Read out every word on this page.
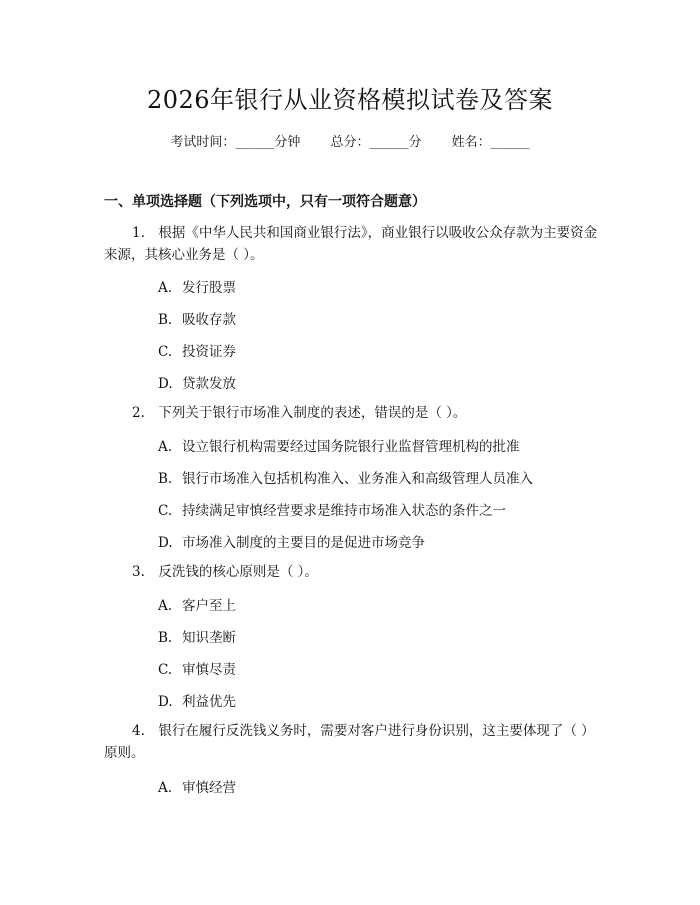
2026年银行从业资格模拟试卷及答案
考试时间：______分钟 总分：______分 姓名：______
一、单项选择题（下列选项中，只有一项符合题意）
1.　根据《中华人民共和国商业银行法》，商业银行以吸收公众存款为主要资金来源，其核心业务是（ ）。
A. 发行股票
B. 吸收存款
C. 投资证券
D. 贷款发放
2.　下列关于银行市场准入制度的表述，错误的是（ ）。
A. 设立银行机构需要经过国务院银行业监督管理机构的批准
B. 银行市场准入包括机构准入、业务准入和高级管理人员准入
C. 持续满足审慎经营要求是维持市场准入状态的条件之一
D. 市场准入制度的主要目的是促进市场竞争
3.　反洗钱的核心原则是（ ）。
A. 客户至上
B. 知识垄断
C. 审慎尽责
D. 利益优先
4.　银行在履行反洗钱义务时，需要对客户进行身份识别，这主要体现了（ ）原则。
A. 审慎经营
